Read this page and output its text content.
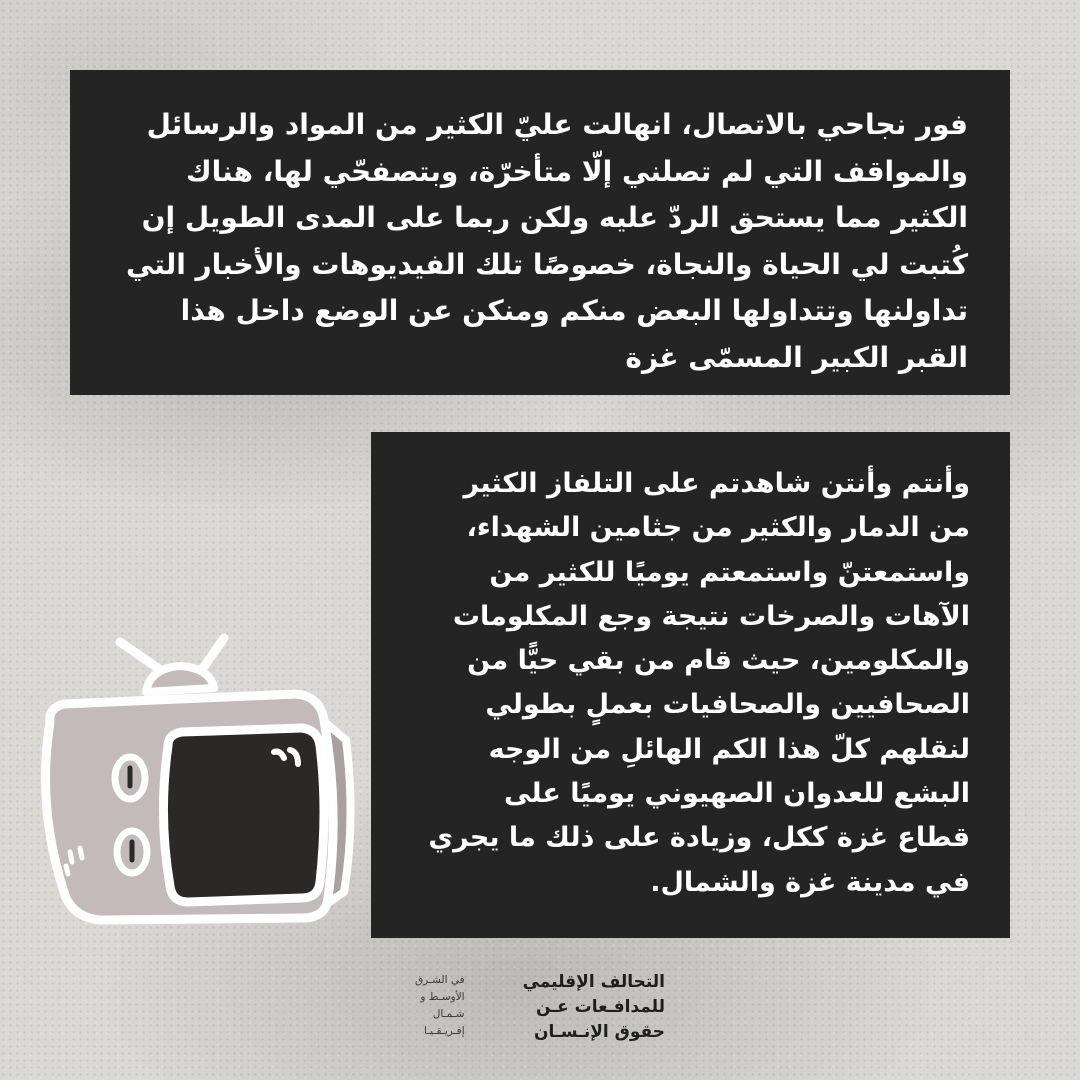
فور نجاحي بالاتصال، انهالت عليّ الكثير من المواد والرسائل
والمواقف التي لم تصلني إلّا متأخرّة، وبتصفحّي لها، هناك
الكثير مما يستحق الردّ عليه ولكن ربما على المدى الطويل إن
كُتبت لي الحياة والنجاة، خصوصًا تلك الفيديوهات والأخبار التي
تداولنها وتتداولها البعض منكم ومنكن عن الوضع داخل هذا
القبر الكبير المسمّى غزة
وأنتم وأنتن شاهدتم على التلفاز الكثير
من الدمار والكثير من جثامين الشهداء،
واستمعتنّ واستمعتم يوميًا للكثير من
الآهات والصرخات نتيجة وجع المكلومات
والمكلومين، حيث قام من بقي حيًّا من
الصحافيين والصحافيات بعملٍ بطولي
لنقلهم كلّ هذا الكم الهائلِ من الوجه
البشع للعدوان الصهيوني يوميًا على
قطاع غزة ككل، وزيادة على ذلك ما يجري
في مدينة غزة والشمال.
التحالف الإقليمي
للمدافـعات عـن
حقوق الإنـسـان
في الشـرق
الأوسـط و
شـمـال
إفـريـقـيـا
